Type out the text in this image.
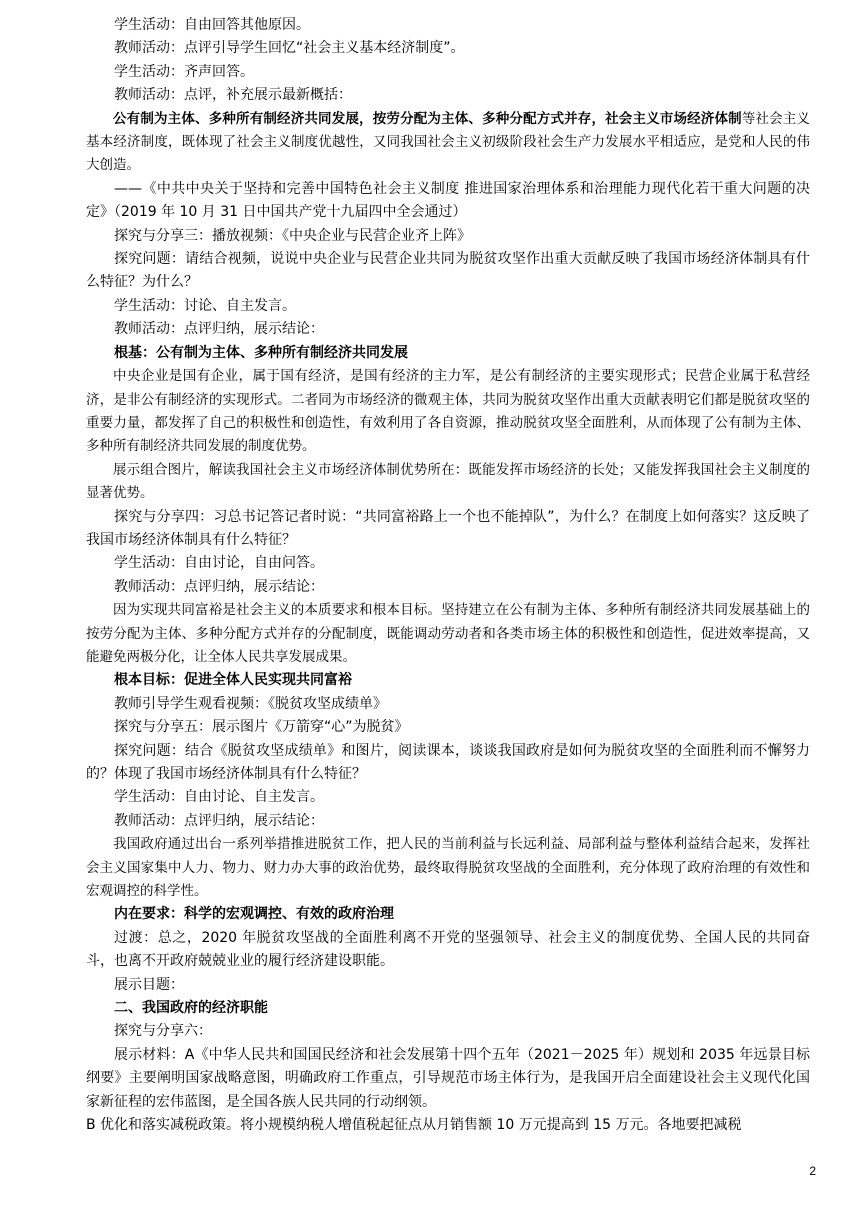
学生活动：自由回答其他原因。

教师活动：点评引导学生回忆“社会主义基本经济制度”。

学生活动：齐声回答。

教师活动：点评，补充展示最新概括：

公有制为主体、多种所有制经济共同发展，按劳分配为主体、多种分配方式并存，社会主义市场经济体制等社会主义基本经济制度，既体现了社会主义制度优越性，又同我国社会主义初级阶段社会生产力发展水平相适应，是党和人民的伟大创造。

——《中共中央关于坚持和完善中国特色社会主义制度 推进国家治理体系和治理能力现代化若干重大问题的决定》（2019 年 10 月 31 日中国共产党十九届四中全会通过）

探究与分享三：播放视频：《中央企业与民营企业齐上阵》

探究问题：请结合视频，说说中央企业与民营企业共同为脱贫攻坚作出重大贡献反映了我国市场经济体制具有什么特征？为什么？

学生活动：讨论、自主发言。

教师活动：点评归纳，展示结论：

根基：公有制为主体、多种所有制经济共同发展

中央企业是国有企业，属于国有经济，是国有经济的主力军，是公有制经济的主要实现形式；民营企业属于私营经济，是非公有制经济的实现形式。二者同为市场经济的微观主体，共同为脱贫攻坚作出重大贡献表明它们都是脱贫攻坚的重要力量，都发挥了自己的积极性和创造性，有效利用了各自资源，推动脱贫攻坚全面胜利，从而体现了公有制为主体、多种所有制经济共同发展的制度优势。

展示组合图片，解读我国社会主义市场经济体制优势所在：既能发挥市场经济的长处；又能发挥我国社会主义制度的显著优势。

探究与分享四：习总书记答记者时说：“共同富裕路上一个也不能掉队”，为什么？在制度上如何落实？这反映了我国市场经济体制具有什么特征？

学生活动：自由讨论，自由问答。

教师活动：点评归纳，展示结论：

因为实现共同富裕是社会主义的本质要求和根本目标。坚持建立在公有制为主体、多种所有制经济共同发展基础上的按劳分配为主体、多种分配方式并存的分配制度，既能调动劳动者和各类市场主体的积极性和创造性，促进效率提高，又能避免两极分化，让全体人民共享发展成果。

根本目标：促进全体人民实现共同富裕

教师引导学生观看视频：《脱贫攻坚成绩单》

探究与分享五：展示图片《万箭穿“心”为脱贫》

探究问题：结合《脱贫攻坚成绩单》和图片，阅读课本，谈谈我国政府是如何为脱贫攻坚的全面胜利而不懈努力的？体现了我国市场经济体制具有什么特征？

学生活动：自由讨论、自主发言。

教师活动：点评归纳，展示结论：

我国政府通过出台一系列举措推进脱贫工作，把人民的当前利益与长远利益、局部利益与整体利益结合起来，发挥社会主义国家集中人力、物力、财力办大事的政治优势，最终取得脱贫攻坚战的全面胜利，充分体现了政府治理的有效性和宏观调控的科学性。

内在要求：科学的宏观调控、有效的政府治理

过渡：总之，2020 年脱贫攻坚战的全面胜利离不开党的坚强领导、社会主义的制度优势、全国人民的共同奋斗，也离不开政府兢兢业业的履行经济建设职能。

展示目题：

二、我国政府的经济职能

探究与分享六：

展示材料：A《中华人民共和国国民经济和社会发展第十四个五年（2021－2025 年）规划和 2035 年远景目标纲要》主要阐明国家战略意图，明确政府工作重点，引导规范市场主体行为，是我国开启全面建设社会主义现代化国家新征程的宏伟蓝图，是全国各族人民共同的行动纲领。

B 优化和落实减税政策。将小规模纳税人增值税起征点从月销售额 10 万元提高到 15 万元。各地要把减税

2
